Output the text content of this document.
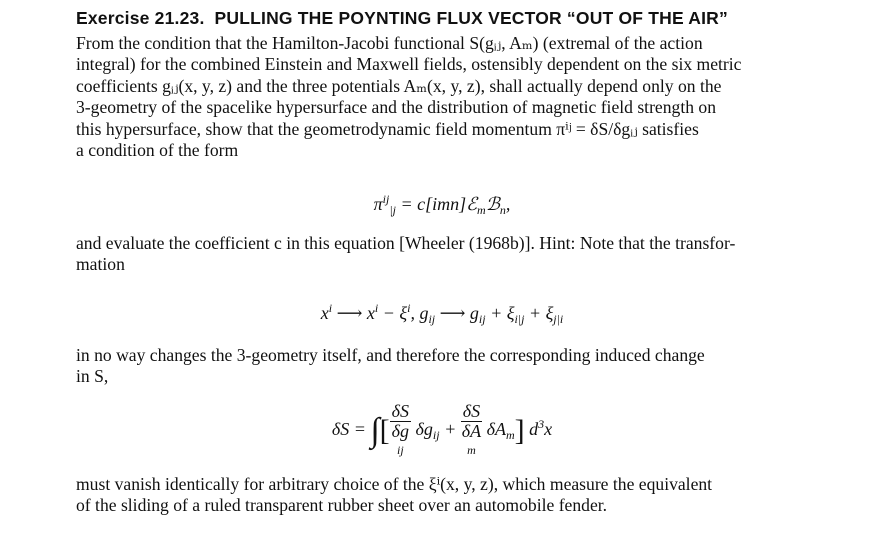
Exercise 21.23. PULLING THE POYNTING FLUX VECTOR “OUT OF THE AIR”
From the condition that the Hamilton-Jacobi functional S(gᵢⱼ, Aₘ) (extremal of the action
integral) for the combined Einstein and Maxwell fields, ostensibly dependent on the six metric
coefficients gᵢⱼ(x, y, z) and the three potentials Aₘ(x, y, z), shall actually depend only on the
3-geometry of the spacelike hypersurface and the distribution of magnetic field strength on
this hypersurface, show that the geometrodynamic field momentum πⁱʲ = δS/δgᵢⱼ satisfies
a condition of the form
$\pi^{ij}_{|j}$ = c[imn]ℰ$_m$ℬ$_n$,
and evaluate the coefficient c in this equation [Wheeler (1968b)]. Hint: Note that the transfor-
mation
$x^i$ ⟶ $x^i - \xi^i$, $g_{ij}$ ⟶ $g_{ij} + \xi_{i|j} + \xi_{j|i}$
in no way changes the 3-geometry itself, and therefore the corresponding induced change
in S,
δS = ∫[ δS
δg
ij $\delta g_{ij} + \delta S$
δA
m $\delta A_m$] $d^3x$
must vanish identically for arbitrary choice of the ξⁱ(x, y, z), which measure the equivalent
of the sliding of a ruled transparent rubber sheet over an automobile fender.
